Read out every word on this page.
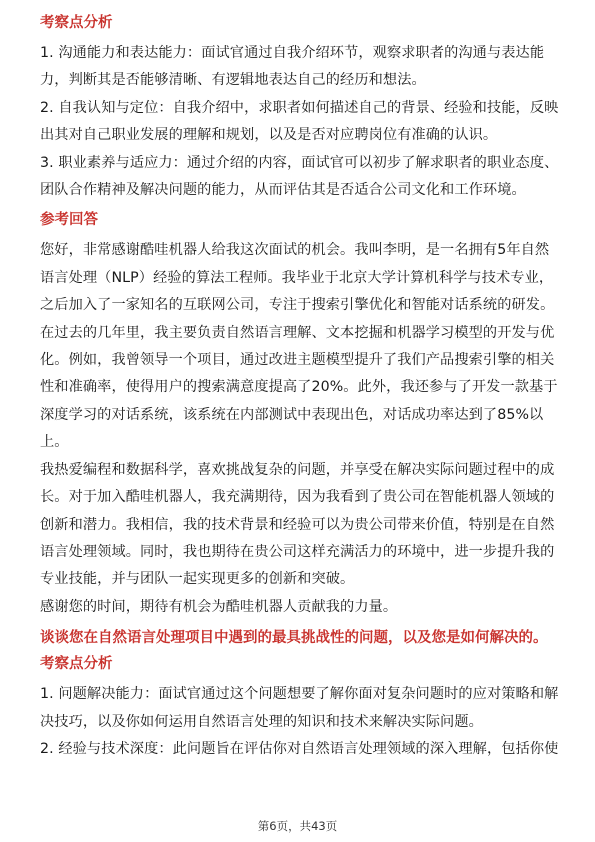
考察点分析

1. 沟通能力和表达能力：面试官通过自我介绍环节，观察求职者的沟通与表达能力，判断其是否能够清晰、有逻辑地表达自己的经历和想法。

2. 自我认知与定位：自我介绍中，求职者如何描述自己的背景、经验和技能，反映出其对自己职业发展的理解和规划，以及是否对应聘岗位有准确的认识。

3. 职业素养与适应力：通过介绍的内容，面试官可以初步了解求职者的职业态度、团队合作精神及解决问题的能力，从而评估其是否适合公司文化和工作环境。

参考回答

您好，非常感谢酷哇机器人给我这次面试的机会。我叫李明，是一名拥有5年自然语言处理（NLP）经验的算法工程师。我毕业于北京大学计算机科学与技术专业，之后加入了一家知名的互联网公司，专注于搜索引擎优化和智能对话系统的研发。在过去的几年里，我主要负责自然语言理解、文本挖掘和机器学习模型的开发与优化。例如，我曾领导一个项目，通过改进主题模型提升了我们产品搜索引擎的相关性和准确率，使得用户的搜索满意度提高了20%。此外，我还参与了开发一款基于深度学习的对话系统，该系统在内部测试中表现出色，对话成功率达到了85%以上。

我热爱编程和数据科学，喜欢挑战复杂的问题，并享受在解决实际问题过程中的成长。对于加入酷哇机器人，我充满期待，因为我看到了贵公司在智能机器人领域的创新和潜力。我相信，我的技术背景和经验可以为贵公司带来价值，特别是在自然语言处理领域。同时，我也期待在贵公司这样充满活力的环境中，进一步提升我的专业技能，并与团队一起实现更多的创新和突破。

感谢您的时间，期待有机会为酷哇机器人贡献我的力量。

谈谈您在自然语言处理项目中遇到的最具挑战性的问题，以及您是如何解决的。
考察点分析

1. 问题解决能力：面试官通过这个问题想要了解你面对复杂问题时的应对策略和解决技巧，以及你如何运用自然语言处理的知识和技术来解决实际问题。

2. 经验与技术深度：此问题旨在评估你对自然语言处理领域的深入理解，包括你使

第6页，共43页
